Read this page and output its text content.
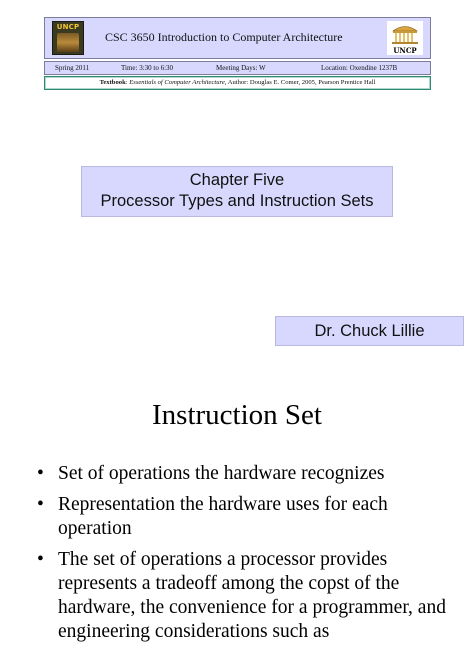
UNCP
CSC 3650 Introduction to Computer Architecture
UNCP
Spring 2011	Time: 3:30 to 6:30	Meeting Days: W	Location: Oxendine 1237B
Textbook: Essentials of Computer Architecture, Author: Douglas E. Comer, 2005, Pearson Prentice Hall
Chapter Five
Processor Types and Instruction Sets
Dr. Chuck Lillie
Instruction Set
• Set of operations the hardware recognizes
• Representation the hardware uses for each operation
• The set of operations a processor provides represents a tradeoff among the copst of the hardware, the convenience for a programmer, and engineering considerations such as
